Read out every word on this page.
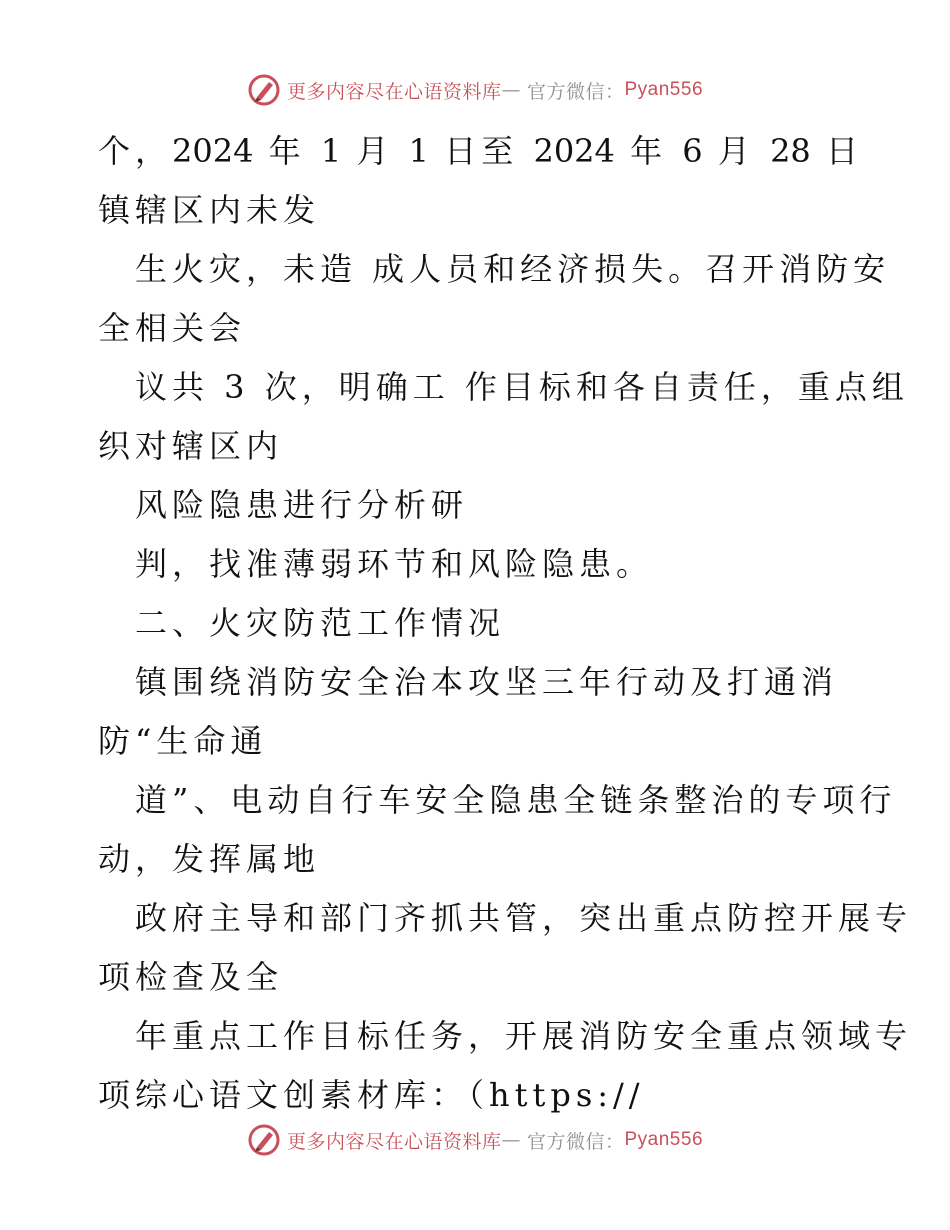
更多内容尽在心语资料库 — 官方微信： Pyan556
个，2024 年 1 月 1 日至 2024 年 6 月 28 日
镇辖区内未发
生火灾，未造 成人员和经济损失。召开消防安
全相关会
议共 3 次，明确工 作目标和各自责任，重点组
织对辖区内
风险隐患进行分析研
判，找准薄弱环节和风险隐患。
二、火灾防范工作情况
镇围绕消防安全治本攻坚三年行动及打通消
防“生命通
道”、电动自行车安全隐患全链条整治的专项行
动，发挥属地
政府主导和部门齐抓共管，突出重点防控开展专
项检查及全
年重点工作目标任务，开展消防安全重点领域专
项综心语文创素材库：（https://
更多内容尽在心语资料库 — 官方微信： Pyan556
